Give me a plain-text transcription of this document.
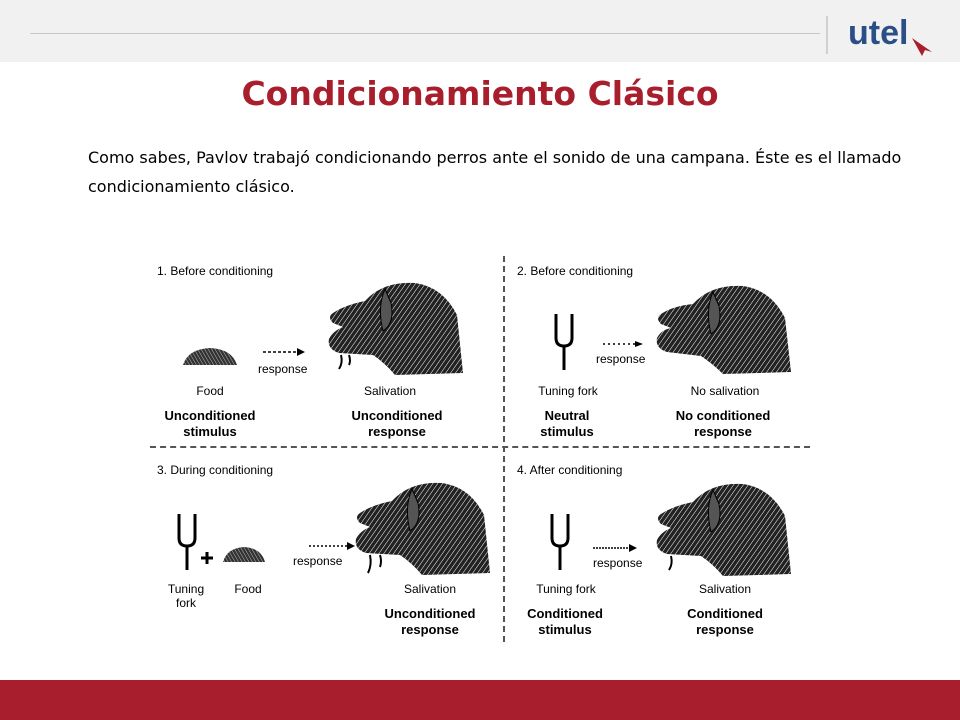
utel
Condicionamiento Clásico
Como sabes, Pavlov trabajó condicionando perros ante el sonido de una campana. Éste es el llamado condicionamiento clásico.
1. Before conditioning
response
Food	Salivation
Unconditioned
stimulus
Unconditioned
response
2. Before conditioning
response
Tuning fork	No salivation
Neutral
stimulus
No conditioned
response
3. During conditioning
response
Tuning
fork
Food	Salivation
Unconditioned
response
4. After conditioning
response
Tuning fork	Salivation
Conditioned
stimulus
Conditioned
response
